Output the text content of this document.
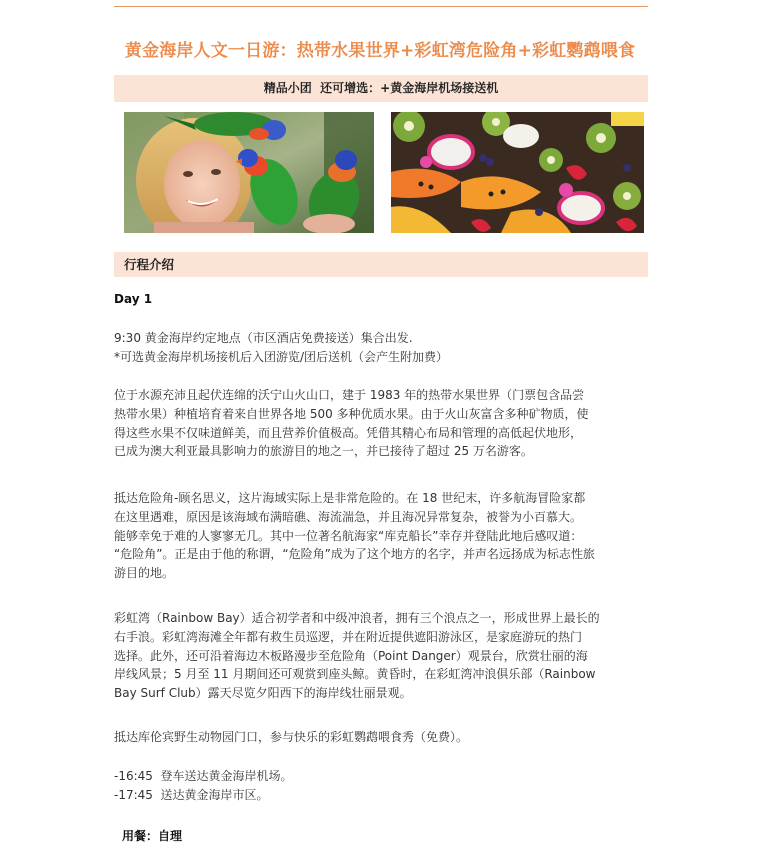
黄金海岸人文一日游：热带水果世界+彩虹湾危险角+彩虹鹦鹉喂食
精品小团  还可增选：+黄金海岸机场接送机
行程介绍
Day 1

9:30 黄金海岸约定地点（市区酒店免费接送）集合出发.

*可选黄金海岸机场接机后入团游览/团后送机（会产生附加费）

位于水源充沛且起伏连绵的沃宁山火山口，建于 1983 年的热带水果世界（门票包含品尝

热带水果）种植培育着来自世界各地 500 多种优质水果。由于火山灰富含多种矿物质，使

得这些水果不仅味道鲜美，而且营养价值极高。凭借其精心布局和管理的高低起伏地形，

已成为澳大利亚最具影响力的旅游目的地之一，并已接待了超过 25 万名游客。

抵达危险角-顾名思义，这片海域实际上是非常危险的。在 18 世纪末，许多航海冒险家都

在这里遇难，原因是该海域布满暗礁、海流湍急，并且海况异常复杂，被誉为小百慕大。

能够幸免于难的人寥寥无几。其中一位著名航海家“库克船长”幸存并登陆此地后感叹道：

“危险角”。正是由于他的称谓，“危险角”成为了这个地方的名字，并声名远扬成为标志性旅

游目的地。

彩虹湾（Rainbow Bay）适合初学者和中级冲浪者，拥有三个浪点之一，形成世界上最长的

右手浪。彩虹湾海滩全年都有救生员巡逻，并在附近提供遮阳游泳区，是家庭游玩的热门

选择。此外，还可沿着海边木板路漫步至危险角（Point Danger）观景台，欣赏壮丽的海

岸线风景；5 月至 11 月期间还可观赏到座头鲸。黄昏时，在彩虹湾冲浪俱乐部（Rainbow

Bay Surf Club）露天尽览夕阳西下的海岸线壮丽景观。

抵达库伦宾野生动物园门口，参与快乐的彩虹鹦鹉喂食秀（免费）。

-16:45  登车送达黄金海岸机场。

-17:45  送达黄金海岸市区。

用餐：自理
